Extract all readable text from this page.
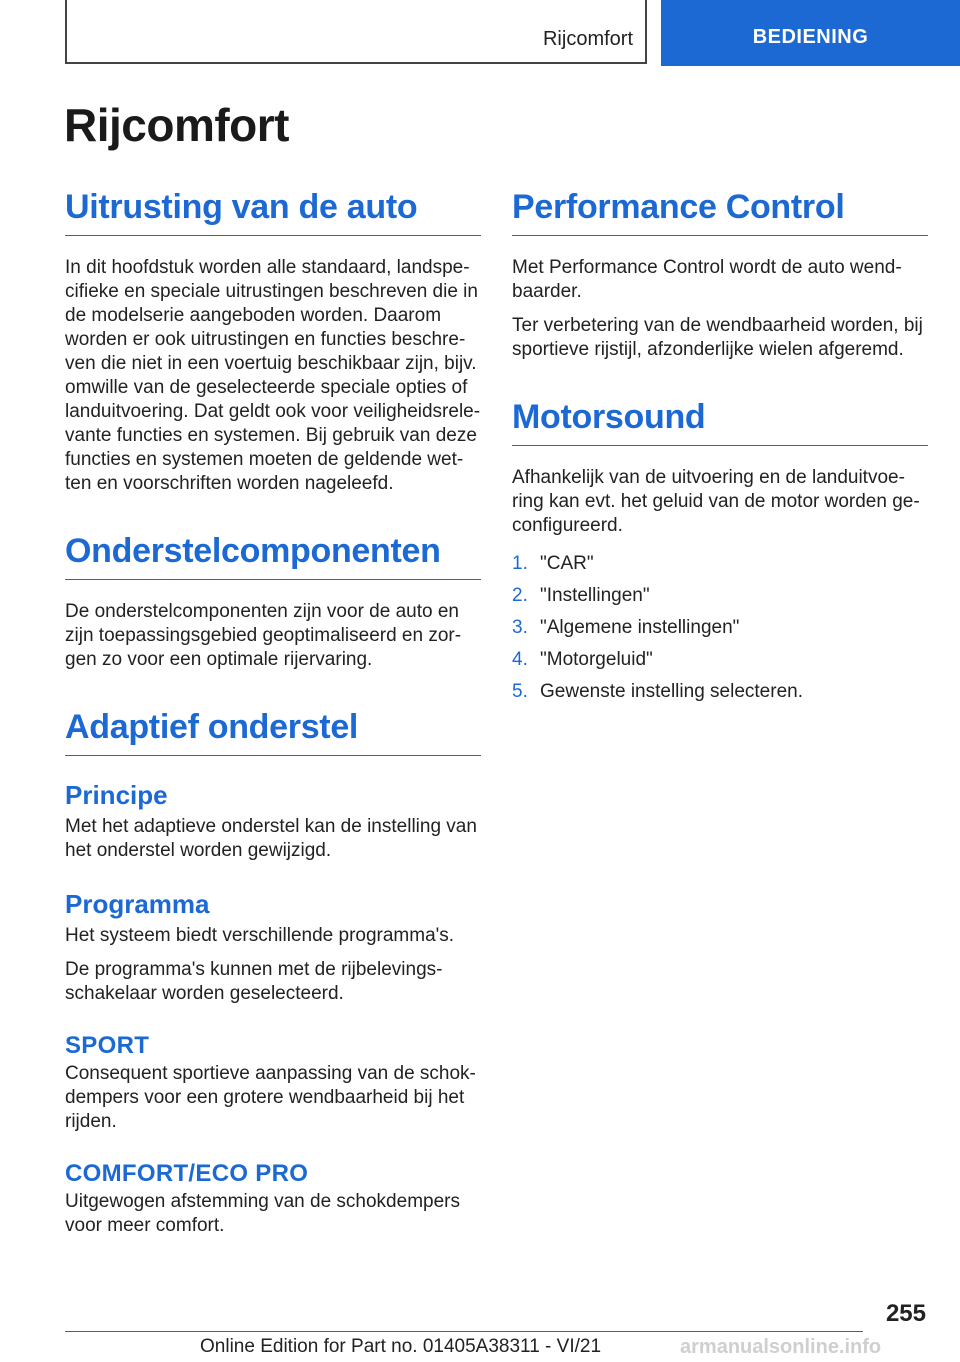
Rijcomfort	BEDIENING
Rijcomfort
Uitrusting van de auto

In dit hoofdstuk worden alle standaard, landspe-
cifieke en speciale uitrustingen beschreven die in
de modelserie aangeboden worden. Daarom
worden er ook uitrustingen en functies beschre-
ven die niet in een voertuig beschikbaar zijn, bijv.
omwille van de geselecteerde speciale opties of
landuitvoering. Dat geldt ook voor veiligheidsrele-
vante functies en systemen. Bij gebruik van deze
functies en systemen moeten de geldende wet-
ten en voorschriften worden nageleefd.

Onderstelcomponenten

De onderstelcomponenten zijn voor de auto en
zijn toepassingsgebied geoptimaliseerd en zor-
gen zo voor een optimale rijervaring.

Adaptief onderstel
Principe

Met het adaptieve onderstel kan de instelling van
het onderstel worden gewijzigd.

Programma

Het systeem biedt verschillende programma's.

De programma's kunnen met de rijbelevings-
schakelaar worden geselecteerd.

SPORT

Consequent sportieve aanpassing van de schok-
dempers voor een grotere wendbaarheid bij het
rijden.

COMFORT/ECO PRO

Uitgewogen afstemming van de schokdempers
voor meer comfort.

Performance Control

Met Performance Control wordt de auto wend-
baarder.

Ter verbetering van de wendbaarheid worden, bij
sportieve rijstijl, afzonderlijke wielen afgeremd.

Motorsound

Afhankelijk van de uitvoering en de landuitvoe-
ring kan evt. het geluid van de motor worden ge-
configureerd.

1. "CAR"
2. "Instellingen"
3. "Algemene instellingen"
4. "Motorgeluid"
5. Gewenste instelling selecteren.
255
Online Edition for Part no. 01405A38311 - VI/21	armanualsonline.info
